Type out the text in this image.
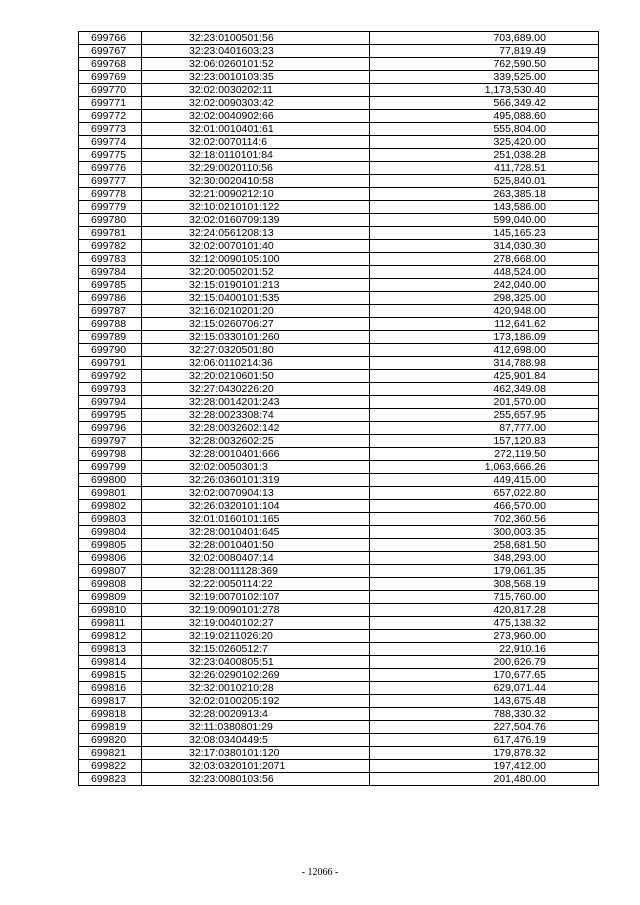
699766	32:23:0100501:56	703,689.00
699767	32:23:0401603:23	77,819.49
699768	32:06:0260101:52	762,590.50
699769	32:23:0010103:35	339,525.00
699770	32:02:0030202:11	1,173,530.40
699771	32:02:0090303:42	566,349.42
699772	32:02:0040902:66	495,088.60
699773	32:01:0010401:61	555,804.00
699774	32:02:0070114:6	325,420.00
699775	32:18:0110101:84	251,038.28
699776	32:29:0020110:56	411,728.51
699777	32:30:0020410:58	525,840.01
699778	32:21:0090212:10	263,385.18
699779	32:10:0210101:122	143,586.00
699780	32:02:0160709:139	599,040.00
699781	32:24:0561208:13	145,165.23
699782	32:02:0070101:40	314,030.30
699783	32:12:0090105:100	278,668.00
699784	32:20:0050201:52	448,524.00
699785	32:15:0190101:213	242,040.00
699786	32:15:0400101:535	298,325.00
699787	32:16:0210201:20	420,948.00
699788	32:15:0260706:27	112,641.62
699789	32:15:0330101:260	173,186.09
699790	32:27:0320501:80	412,698.00
699791	32:06:0110214:36	314,788.98
699792	32:20:0210601:50	425,901.84
699793	32:27:0430226:20	462,349.08
699794	32:28:0014201:243	201,570.00
699795	32:28:0023308:74	255,657.95
699796	32:28:0032602:142	87,777.00
699797	32:28:0032602:25	157,120.83
699798	32:28:0010401:666	272,119.50
699799	32:02:0050301:3	1,063,666.26
699800	32:26:0360101:319	449,415.00
699801	32:02:0070904:13	657,022.80
699802	32:26:0320101:104	466,570.00
699803	32:01:0160101:165	702,360.56
699804	32:28:0010401:645	300,003.35
699805	32:28:0010401:50	258,681.50
699806	32:02:0080407:14	348,293.00
699807	32:28:0011128:369	179,061.35
699808	32:22:0050114:22	308,568.19
699809	32:19:0070102:107	715,760.00
699810	32:19:0090101:278	420,817.28
699811	32:19:0040102:27	475,138.32
699812	32:19:0211026:20	273,960.00
699813	32:15:0260512:7	22,910.16
699814	32:23:0400805:51	200,626.79
699815	32:26:0290102:269	170,677.65
699816	32:32:0010210:28	629,071.44
699817	32:02:0100205:192	143,675.48
699818	32:28:0020913:4	788,330.32
699819	32:11:0380801:29	227,504.76
699820	32:08:0340449:5	617,476.19
699821	32:17:0380101:120	179,878.32
699822	32:03:0320101:2071	197,412.00
699823	32:23:0080103:56	201,480.00
- 12066 -
